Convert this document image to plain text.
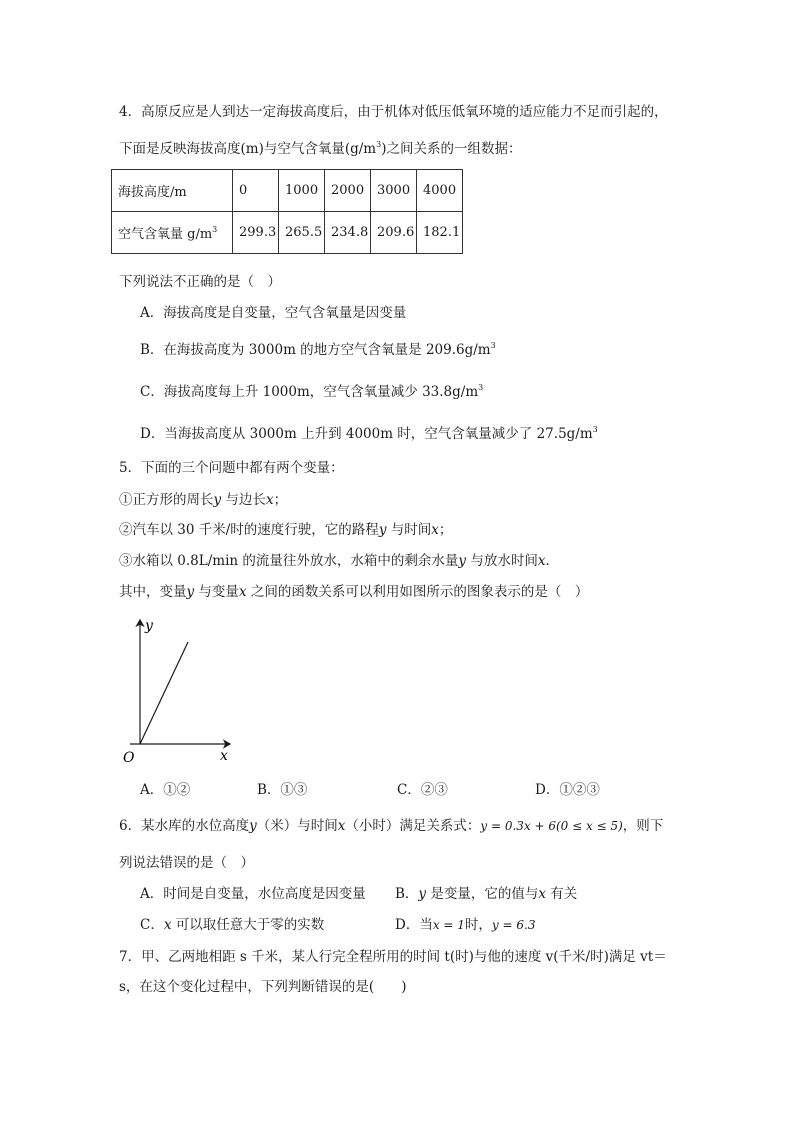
4．高原反应是人到达一定海拔高度后，由于机体对低压低氧环境的适应能力不足而引起的，
下面是反映海拔高度(m)与空气含氧量$(g/m^3)$之间关系的一组数据：
海拔高度/m	0	1000	2000	3000	4000
空气含氧量 $g/m^3$	299.3	265.5	234.8	209.6	182.1
下列说法不正确的是（　）
A．海拔高度是自变量，空气含氧量是因变量
B．在海拔高度为 3000m 的地方空气含氧量是 $209.6g/m^3$
C．海拔高度每上升 1000m，空气含氧量减少 $33.8g/m^3$
D．当海拔高度从 3000m 上升到 4000m 时，空气含氧量减少了 $27.5g/m^3$
5．下面的三个问题中都有两个变量：
①正方形的周长y 与边长x；
②汽车以 30 千米/时的速度行驶，它的路程y 与时间x；
③水箱以 0.8L/min 的流量往外放水，水箱中的剩余水量y 与放水时间x．
其中，变量y 与变量x 之间的函数关系可以利用如图所示的图象表示的是（　）
y
x
O
A．①②	B．①③	C．②③	D．①②③
6．某水库的水位高度y（米）与时间x（小时）满足关系式：y = 0.3x + 6(0 ≤ x ≤ 5)，则下
列说法错误的是（　）
A．时间是自变量，水位高度是因变量 B．y 是变量，它的值与x 有关
C．x 可以取任意大于零的实数	D．当x = 1时，y = 6.3
7．甲、乙两地相距 s 千米，某人行完全程所用的时间 t(时)与他的速度 v(千米/时)满足 vt＝
s，在这个变化过程中，下列判断错误的是(　　)
